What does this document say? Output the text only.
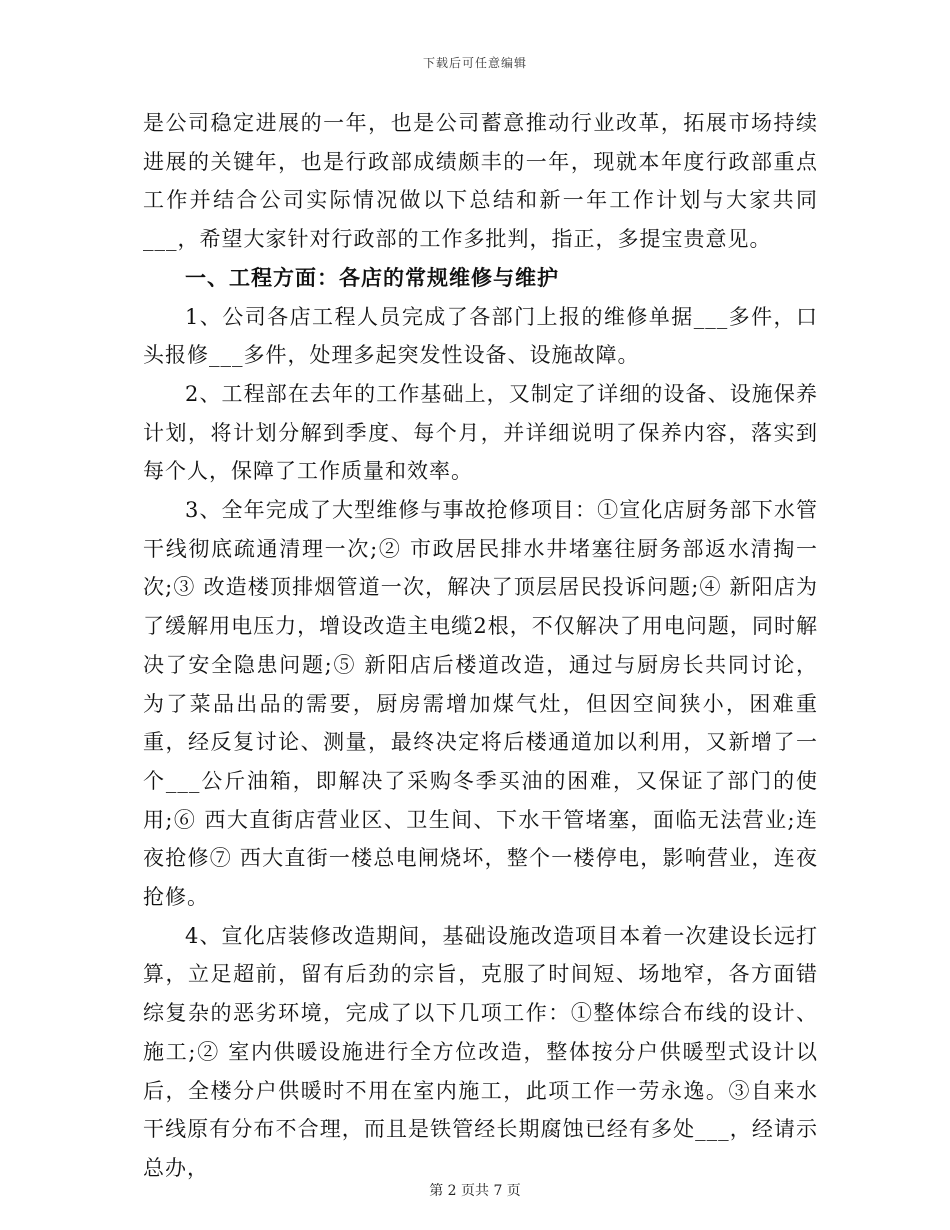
下载后可任意编辑

是公司稳定进展的一年，也是公司蓄意推动行业改革，拓展市场持续进展的关键年，也是行政部成绩颇丰的一年，现就本年度行政部重点工作并结合公司实际情况做以下总结和新一年工作计划与大家共同___，希望大家针对行政部的工作多批判，指正，多提宝贵意见。

一、工程方面：各店的常规维修与维护

1、公司各店工程人员完成了各部门上报的维修单据___多件，口头报修___多件，处理多起突发性设备、设施故障。

2、工程部在去年的工作基础上，又制定了详细的设备、设施保养计划，将计划分解到季度、每个月，并详细说明了保养内容，落实到每个人，保障了工作质量和效率。

3、全年完成了大型维修与事故抢修项目：①宣化店厨务部下水管干线彻底疏通清理一次;② 市政居民排水井堵塞往厨务部返水清掏一次;③ 改造楼顶排烟管道一次，解决了顶层居民投诉问题;④ 新阳店为了缓解用电压力，增设改造主电缆2根，不仅解决了用电问题，同时解决了安全隐患问题;⑤ 新阳店后楼道改造，通过与厨房长共同讨论，为了菜品出品的需要，厨房需增加煤气灶，但因空间狭小，困难重重，经反复讨论、测量，最终决定将后楼通道加以利用，又新增了一个___公斤油箱，即解决了采购冬季买油的困难，又保证了部门的使用;⑥ 西大直街店营业区、卫生间、下水干管堵塞，面临无法营业;连夜抢修⑦ 西大直街一楼总电闸烧坏，整个一楼停电，影响营业，连夜抢修。

4、宣化店装修改造期间，基础设施改造项目本着一次建设长远打算，立足超前，留有后劲的宗旨，克服了时间短、场地窄，各方面错综复杂的恶劣环境，完成了以下几项工作：①整体综合布线的设计、施工;② 室内供暖设施进行全方位改造，整体按分户供暖型式设计以后，全楼分户供暖时不用在室内施工，此项工作一劳永逸。③自来水干线原有分布不合理，而且是铁管经长期腐蚀已经有多处___，经请示总办，

第 2 页共 7 页
